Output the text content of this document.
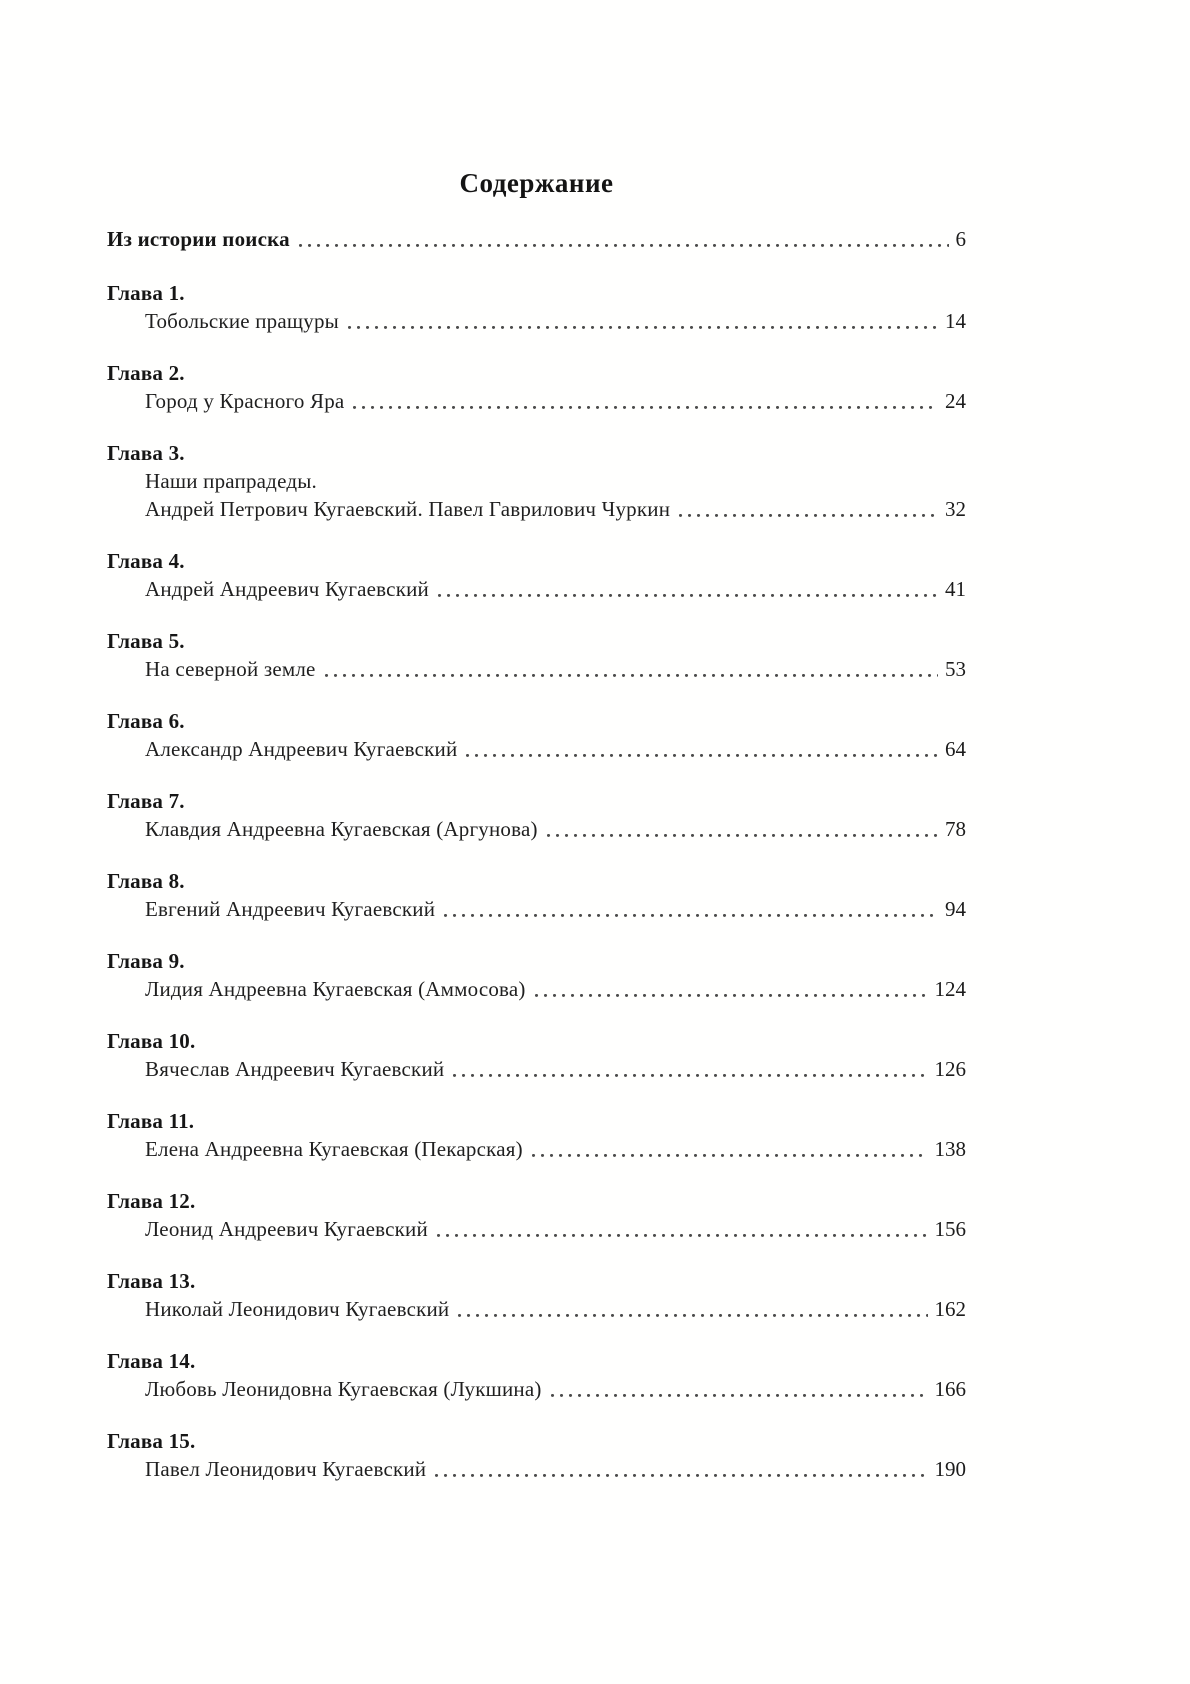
Содержание
Из истории поиска	6
Глава 1.
Тобольские пращуры	14
Глава 2.
Город у Красного Яра	24
Глава 3.
Наши прапрадеды.
Андрей Петрович Кугаевский. Павел Гаврилович Чуркин	32
Глава 4.
Андрей Андреевич Кугаевский	41
Глава 5.
На северной земле	53
Глава 6.
Александр Андреевич Кугаевский	64
Глава 7.
Клавдия Андреевна Кугаевская (Аргунова)	78
Глава 8.
Евгений Андреевич Кугаевский	94
Глава 9.
Лидия Андреевна Кугаевская (Аммосова)	124
Глава 10.
Вячеслав Андреевич Кугаевский	126
Глава 11.
Елена Андреевна Кугаевская (Пекарская)	138
Глава 12.
Леонид Андреевич Кугаевский	156
Глава 13.
Николай Леонидович Кугаевский	162
Глава 14.
Любовь Леонидовна Кугаевская (Лукшина)	166
Глава 15.
Павел Леонидович Кугаевский	190
